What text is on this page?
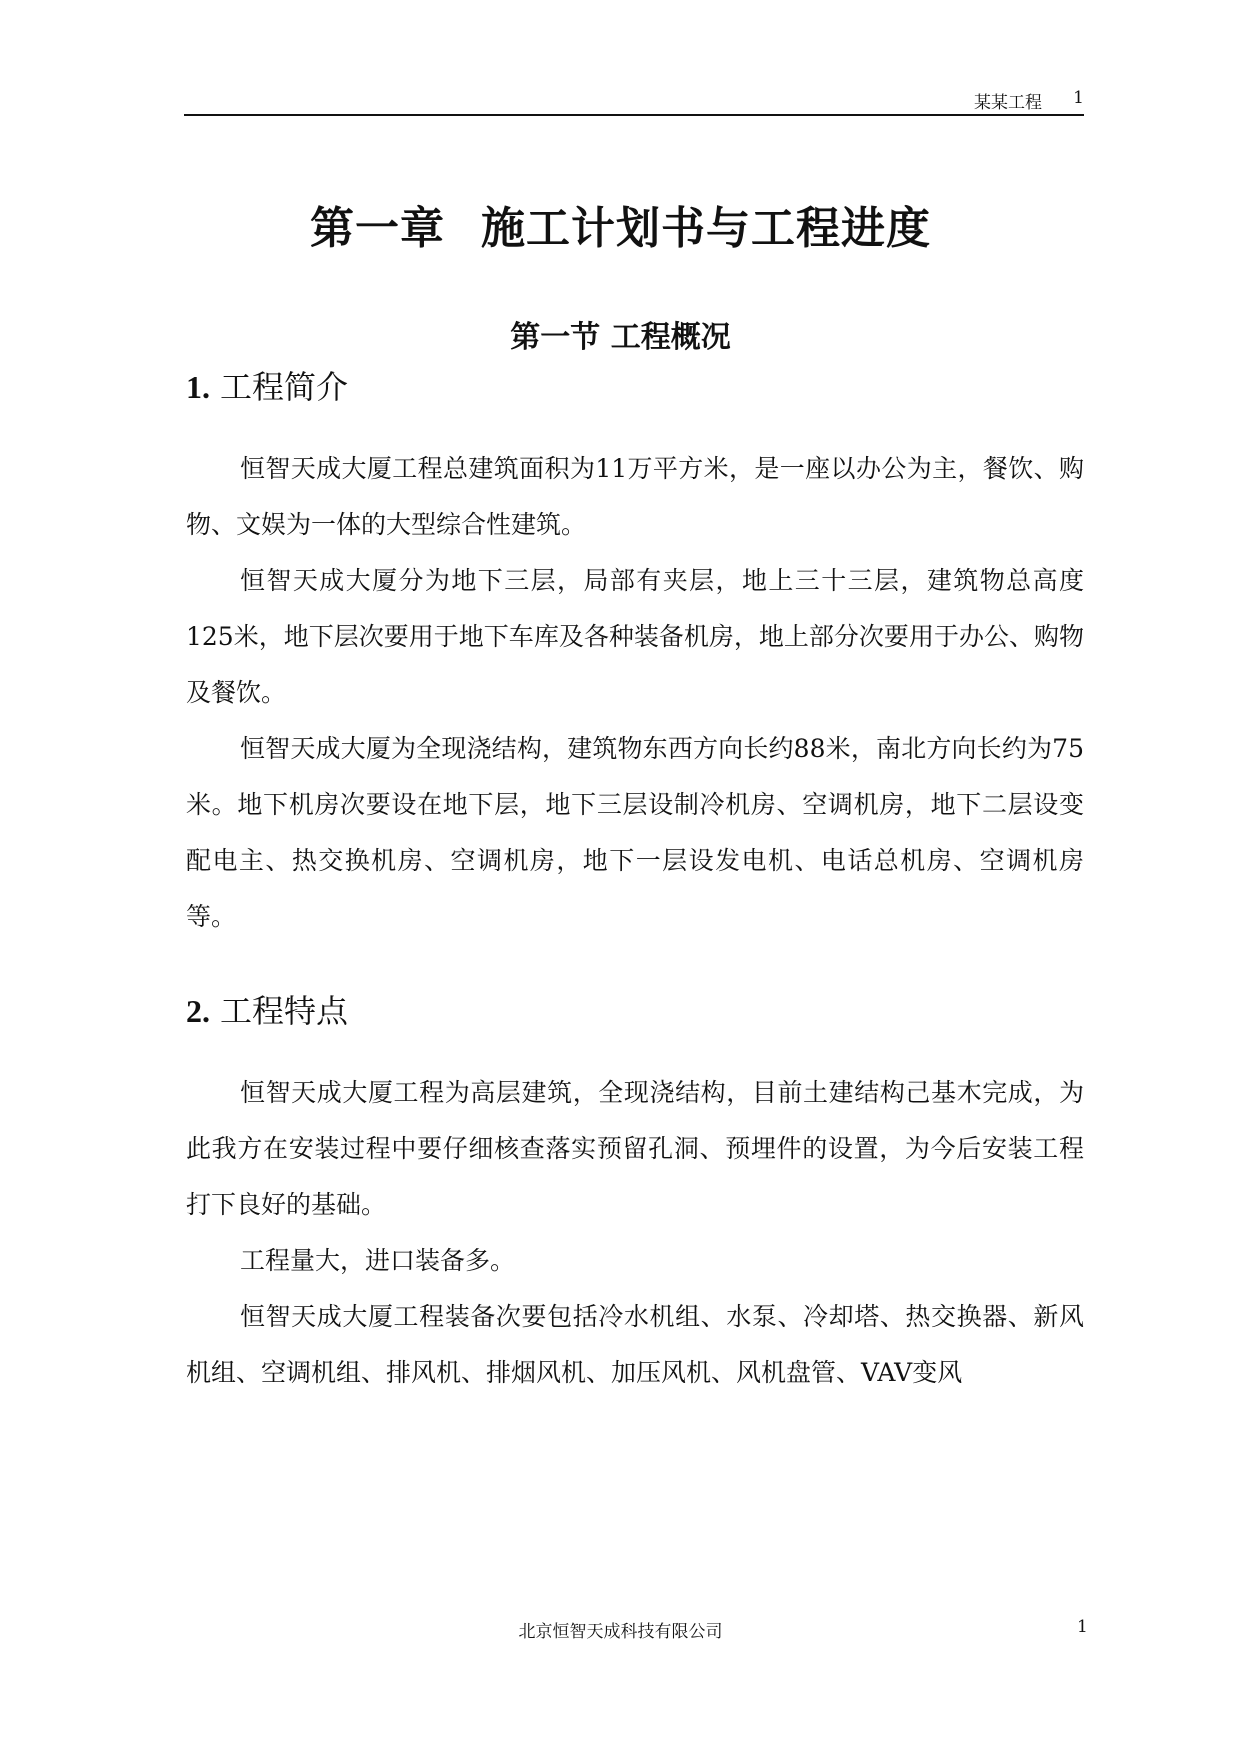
某某工程 1
第一章 施工计划书与工程进度
第一节 工程概况
1. 工程简介

恒智天成大厦工程总建筑面积为11万平方米，是一座以办公为主，餐饮、购物、文娱为一体的大型综合性建筑。

恒智天成大厦分为地下三层，局部有夹层，地上三十三层，建筑物总高度125米，地下层次要用于地下车库及各种装备机房，地上部分次要用于办公、购物及餐饮。

恒智天成大厦为全现浇结构，建筑物东西方向长约88米，南北方向长约为75米。地下机房次要设在地下层，地下三层设制冷机房、空调机房，地下二层设变配电主、热交换机房、空调机房，地下一层设发电机、电话总机房、空调机房等。

2. 工程特点

恒智天成大厦工程为高层建筑，全现浇结构，目前土建结构己基木完成，为此我方在安装过程中要仔细核查落实预留孔洞、预埋件的设置，为今后安装工程打下良好的基础。

工程量大，进口装备多。

恒智天成大厦工程装备次要包括冷水机组、水泵、冷却塔、热交换器、新风机组、空调机组、排风机、排烟风机、加压风机、风机盘管、VAV变风

北京恒智天成科技有限公司	1
